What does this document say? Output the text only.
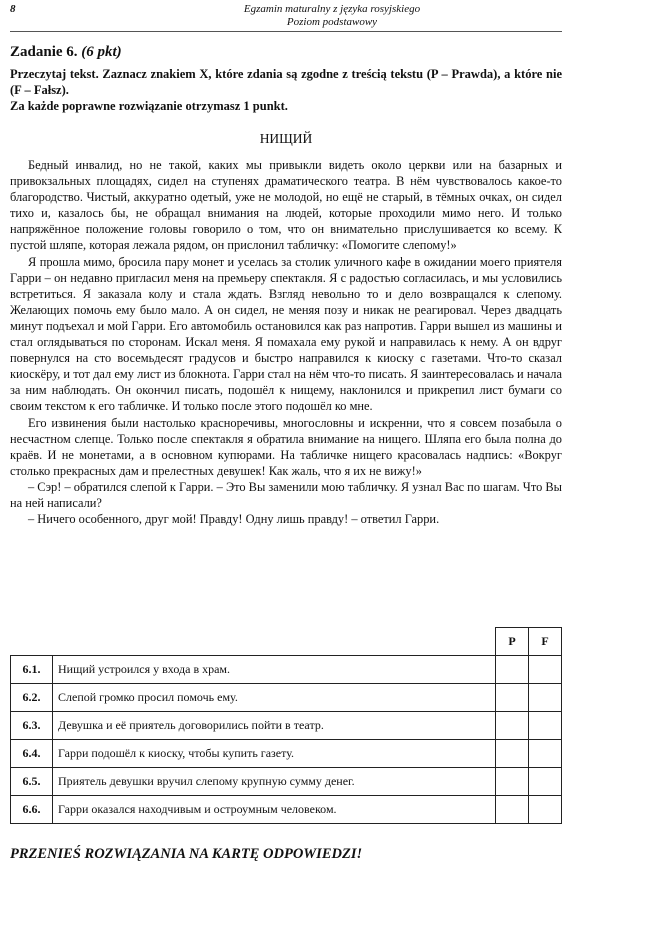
8	Egzamin maturalny z języka rosyjskiego
Poziom podstawowy
Zadanie 6. (6 pkt)

Przeczytaj tekst. Zaznacz znakiem X, które zdania są zgodne z treścią tekstu (P – Prawda), a które nie (F – Fałsz).

Za każde poprawne rozwiązanie otrzymasz 1 punkt.

НИЩИЙ

Бедный инвалид, но не такой, каких мы привыкли видеть около церкви или на базарных и привокзальных площадях, сидел на ступенях драматического театра. В нём чувствовалось какое-то благородство. Чистый, аккуратно одетый, уже не молодой, но ещё не старый, в тёмных очках, он сидел тихо и, казалось бы, не обращал внимания на людей, которые проходили мимо него. И только напряжённое положение головы говорило о том, что он внимательно прислушивается ко всему. К пустой шляпе, которая лежала рядом, он прислонил табличку: «Помогите слепому!»

Я прошла мимо, бросила пару монет и уселась за столик уличного кафе в ожидании моего приятеля Гарри – он недавно пригласил меня на премьеру спектакля. Я с радостью согласилась, и мы условились встретиться. Я заказала колу и стала ждать. Взгляд невольно то и дело возвращался к слепому. Желающих помочь ему было мало. А он сидел, не меняя позу и никак не реагировал. Через двадцать минут подъехал и мой Гарри. Его автомобиль остановился как раз напротив. Гарри вышел из машины и стал оглядываться по сторонам. Искал меня. Я помахала ему рукой и направилась к нему. А он вдруг повернулся на сто восемьдесят градусов и быстро направился к киоску с газетами. Что-то сказал киоскёру, и тот дал ему лист из блокнота. Гарри стал на нём что-то писать. Я заинтересовалась и начала за ним наблюдать. Он окончил писать, подошёл к нищему, наклонился и прикрепил лист бумаги со своим текстом к его табличке. И только после этого подошёл ко мне.

Его извинения были настолько красноречивы, многословны и искренни, что я совсем позабыла о несчастном слепце. Только после спектакля я обратила внимание на нищего. Шляпа его была полна до краёв. И не монетами, а в основном купюрами. На табличке нищего красовалась надпись: «Вокруг столько прекрасных дам и прелестных девушек! Как жаль, что я их не вижу!»

– Сэр! – обратился слепой к Гарри. – Это Вы заменили мою табличку. Я узнал Вас по шагам. Что Вы на ней написали?

– Ничего особенного, друг мой! Правду! Одну лишь правду! – ответил Гарри.

		P	F
6.1.	Нищий устроился у входа в храм.		
6.2.	Слепой громко просил помочь ему.		
6.3.	Девушка и её приятель договорились пойти в театр.		
6.4.	Гарри подошёл к киоску, чтобы купить газету.		
6.5.	Приятель девушки вручил слепому крупную сумму денег.		
6.6.	Гарри оказался находчивым и остроумным человеком.		
PRZENIEŚ ROZWIĄZANIA NA KARTĘ ODPOWIEDZI!
